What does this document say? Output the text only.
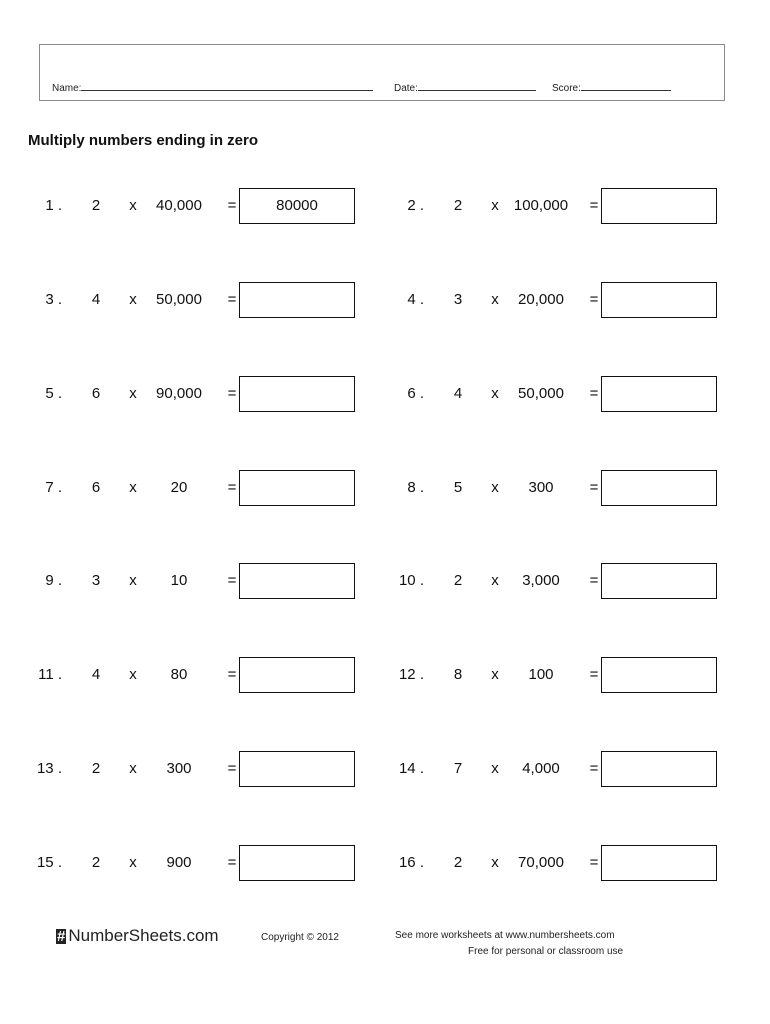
Name:	Date:	Score:
Multiply numbers ending in zero
1 .	2	x	40,000	=	80000	2 .	2	x	100,000	=
3 .	4	x	50,000	=	4 .	3	x	20,000	=
5 .	6	x	90,000	=	6 .	4	x	50,000	=
7 .	6	x	20	=	8 .	5	x	300	=
9 .	3	x	10	=	10 .	2	x	3,000	=
11 .	4	x	80	=	12 .	8	x	100	=
13 .	2	x	300	=	14 .	7	x	4,000	=
15 .	2	x	900	=	16 .	2	x	70,000	=
# NumberSheets.com	Copyright © 2012	See more worksheets at www.numbersheets.com
Free for personal or classroom use
